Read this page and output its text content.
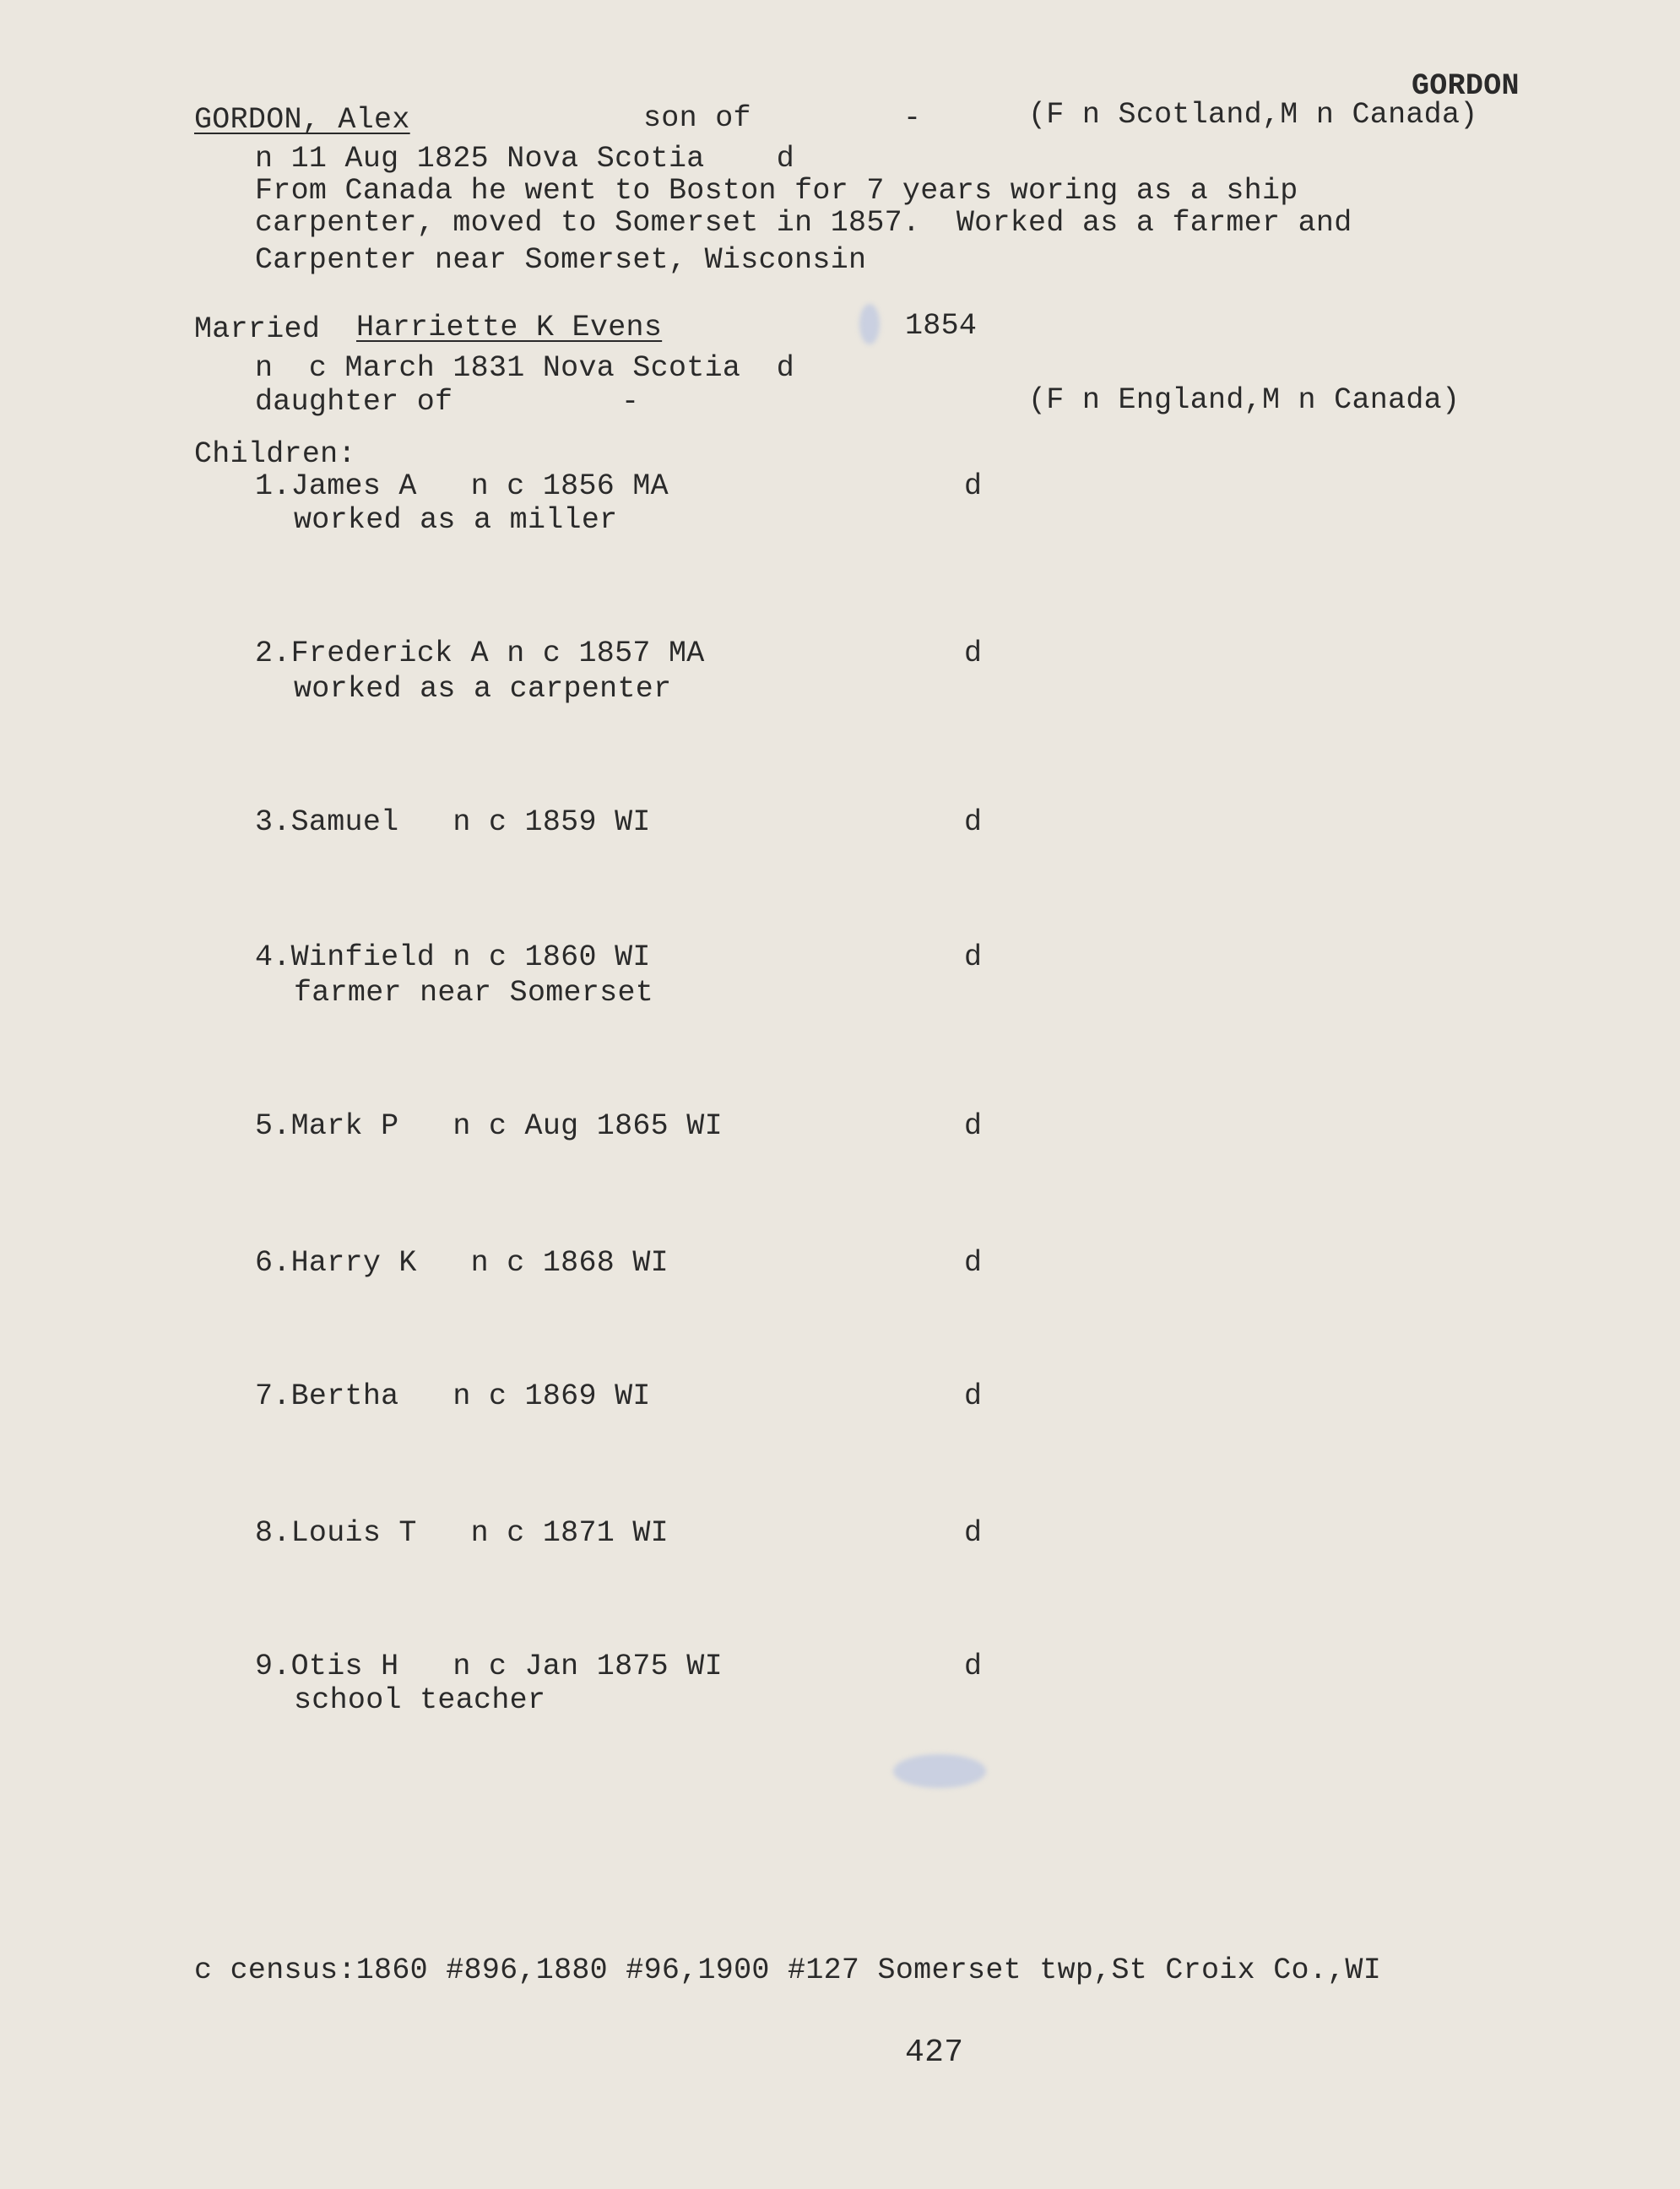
GORDON
GORDON, Alex	son of	-	(F n Scotland,M n Canada)
n 11 Aug 1825 Nova Scotia    d
From Canada he went to Boston for 7 years woring as a ship
carpenter, moved to Somerset in 1857.  Worked as a farmer and
Carpenter near Somerset, Wisconsin
Married Harriette K Evens	1854
n  c March 1831 Nova Scotia  d
daughter of	-	(F n England,M n Canada)
Children:
1.James A   n c 1856 MA	d
worked as a miller
2.Frederick A n c 1857 MA	d
worked as a carpenter
3.Samuel   n c 1859 WI	d
4.Winfield n c 1860 WI	d
farmer near Somerset
5.Mark P   n c Aug 1865 WI	d
6.Harry K   n c 1868 WI	d
7.Bertha   n c 1869 WI	d
8.Louis T   n c 1871 WI	d
9.Otis H   n c Jan 1875 WI	d
school teacher
c census:1860 #896,1880 #96,1900 #127 Somerset twp,St Croix Co.,WI
427
